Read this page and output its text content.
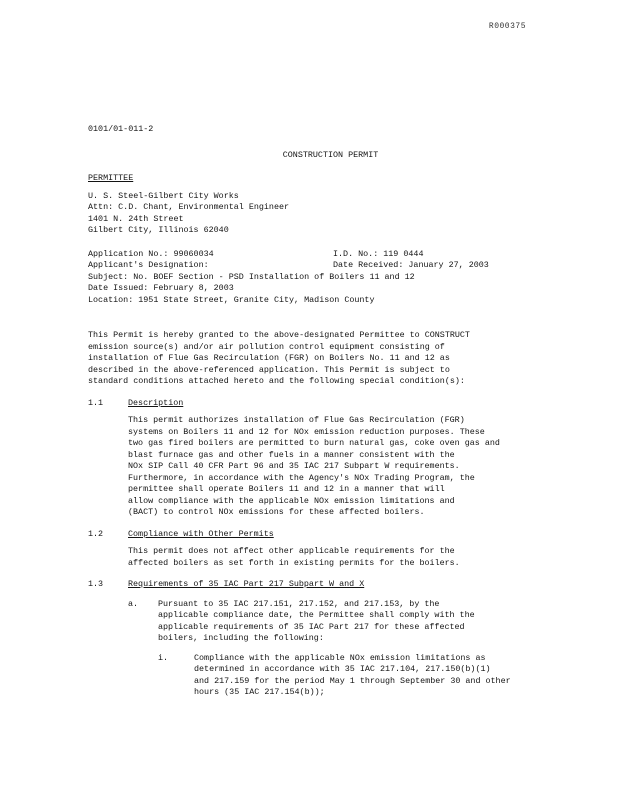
R000375
0101/01-011-2
CONSTRUCTION PERMIT
PERMITTEE
U. S. Steel-Gilbert City Works
Attn: C.D. Chant, Environmental Engineer
1401 N. 24th Street
Gilbert City, Illinois 62040
Application No.: 99060034	I.D. No.: 119 0444
Applicant's Designation:	Date Received: January 27, 2003
Subject: No. BOEF Section - PSD Installation of Boilers 11 and 12
Date Issued: February 8, 2003
Location: 1951 State Street, Granite City, Madison County
This Permit is hereby granted to the above-designated Permittee to CONSTRUCT
emission source(s) and/or air pollution control equipment consisting of
installation of Flue Gas Recirculation (FGR) on Boilers No. 11 and 12 as
described in the above-referenced application. This Permit is subject to
standard conditions attached hereto and the following special condition(s):
1.1	Description
This permit authorizes installation of Flue Gas Recirculation (FGR)
systems on Boilers 11 and 12 for NOx emission reduction purposes. These
two gas fired boilers are permitted to burn natural gas, coke oven gas and
blast furnace gas and other fuels in a manner consistent with the
NOx SIP Call 40 CFR Part 96 and 35 IAC 217 Subpart W requirements.
Furthermore, in accordance with the Agency's NOx Trading Program, the
permittee shall operate Boilers 11 and 12 in a manner that will
allow compliance with the applicable NOx emission limitations and
(BACT) to control NOx emissions for these affected boilers.
1.2	Compliance with Other Permits
This permit does not affect other applicable requirements for the
affected boilers as set forth in existing permits for the boilers.
1.3	Requirements of 35 IAC Part 217 Subpart W and X
a.	Pursuant to 35 IAC 217.151, 217.152, and 217.153, by the
applicable compliance date, the Permittee shall comply with the
applicable requirements of 35 IAC Part 217 for these affected
boilers, including the following:
i.	Compliance with the applicable NOx emission limitations as
determined in accordance with 35 IAC 217.104, 217.150(b)(1)
and 217.159 for the period May 1 through September 30 and other
hours (35 IAC 217.154(b));
